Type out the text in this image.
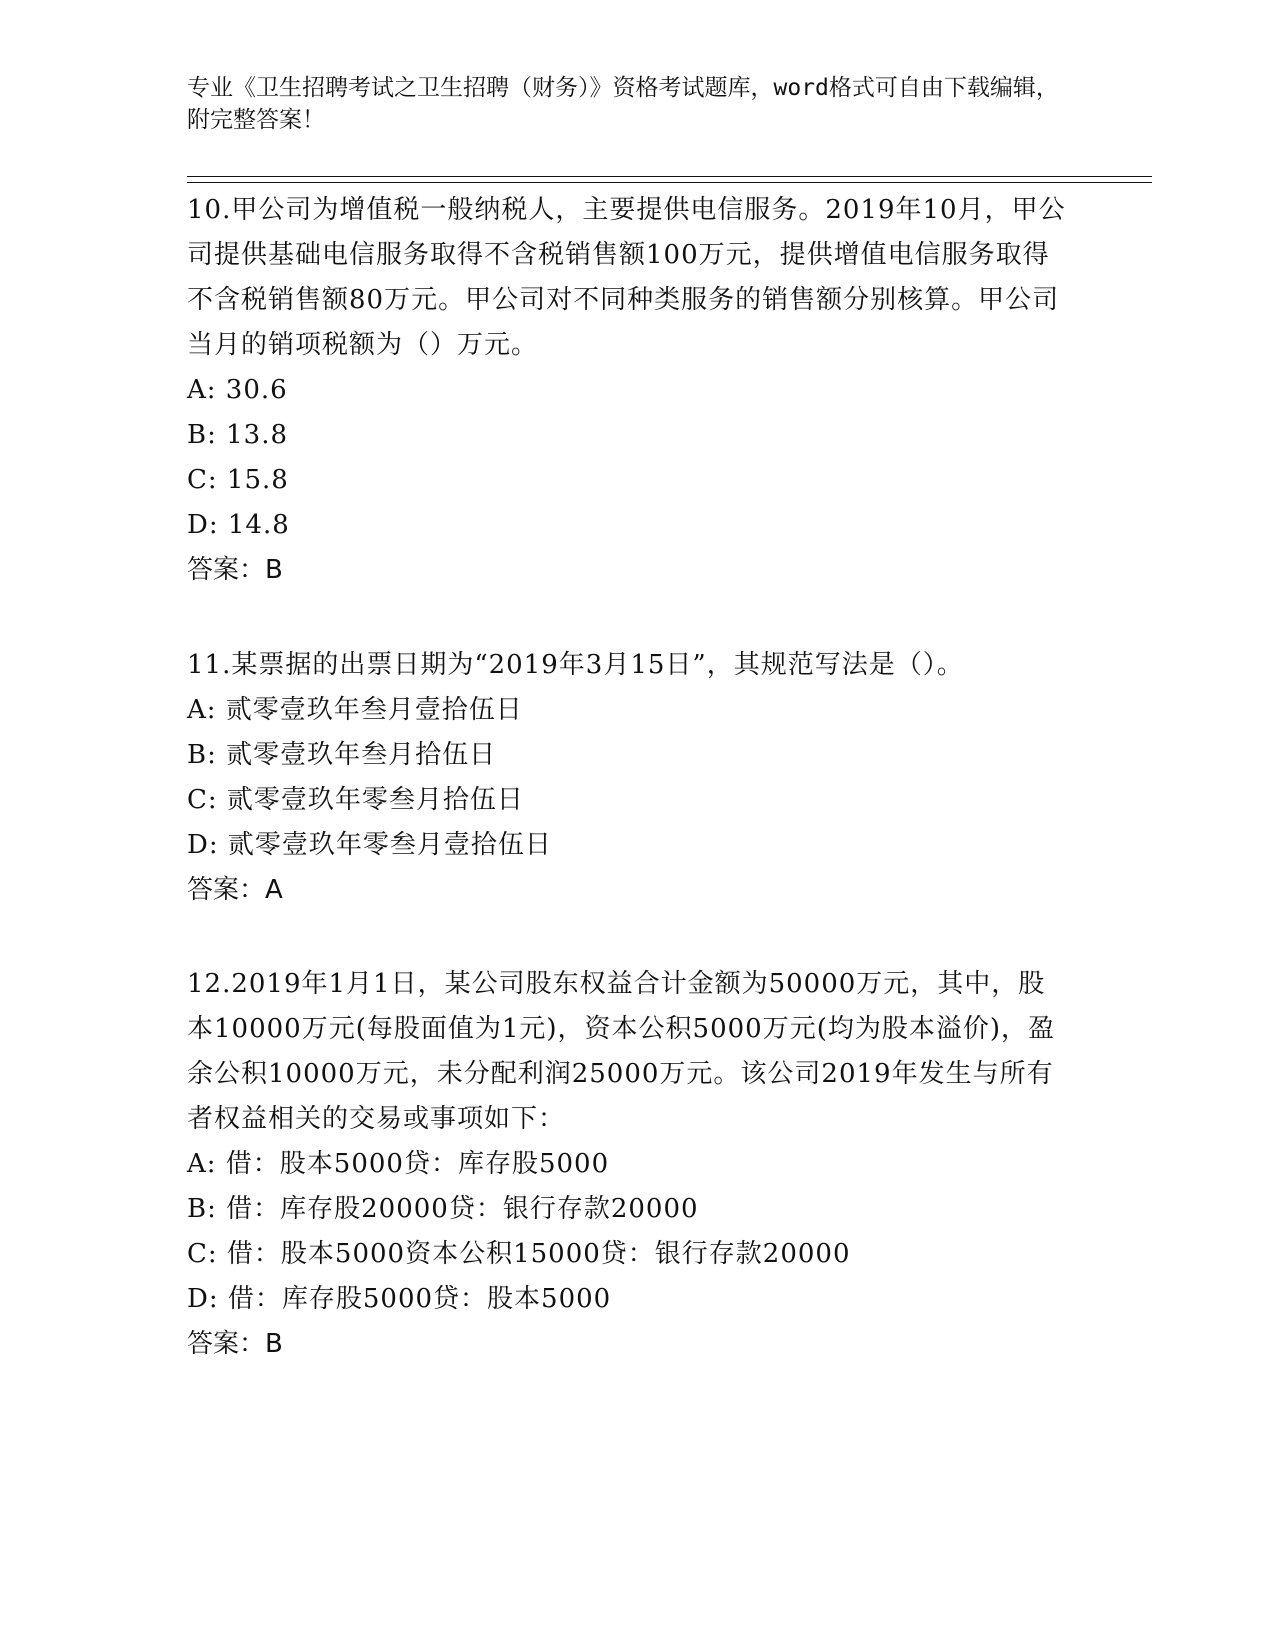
专业《卫生招聘考试之卫生招聘（财务）》资格考试题库，word格式可自由下载编辑，附完整答案！
10.甲公司为增值税一般纳税人，主要提供电信服务。2019年10月，甲公司提供基础电信服务取得不含税销售额100万元，提供增值电信服务取得不含税销售额80万元。甲公司对不同种类服务的销售额分别核算。甲公司当月的销项税额为（）万元。
A: 30.6
B: 13.8
C: 15.8
D: 14.8
答案：B
11.某票据的出票日期为“2019年3月15日”，其规范写法是（）。
A: 贰零壹玖年叁月壹拾伍日
B: 贰零壹玖年叁月拾伍日
C: 贰零壹玖年零叁月拾伍日
D: 贰零壹玖年零叁月壹拾伍日
答案：A
12.2019年1月1日，某公司股东权益合计金额为50000万元，其中，股本10000万元(每股面值为1元)，资本公积5000万元(均为股本溢价)，盈余公积10000万元，未分配利润25000万元。该公司2019年发生与所有者权益相关的交易或事项如下：
A: 借：股本5000贷：库存股5000
B: 借：库存股20000贷：银行存款20000
C: 借：股本5000资本公积15000贷：银行存款20000
D: 借：库存股5000贷：股本5000
答案：B
